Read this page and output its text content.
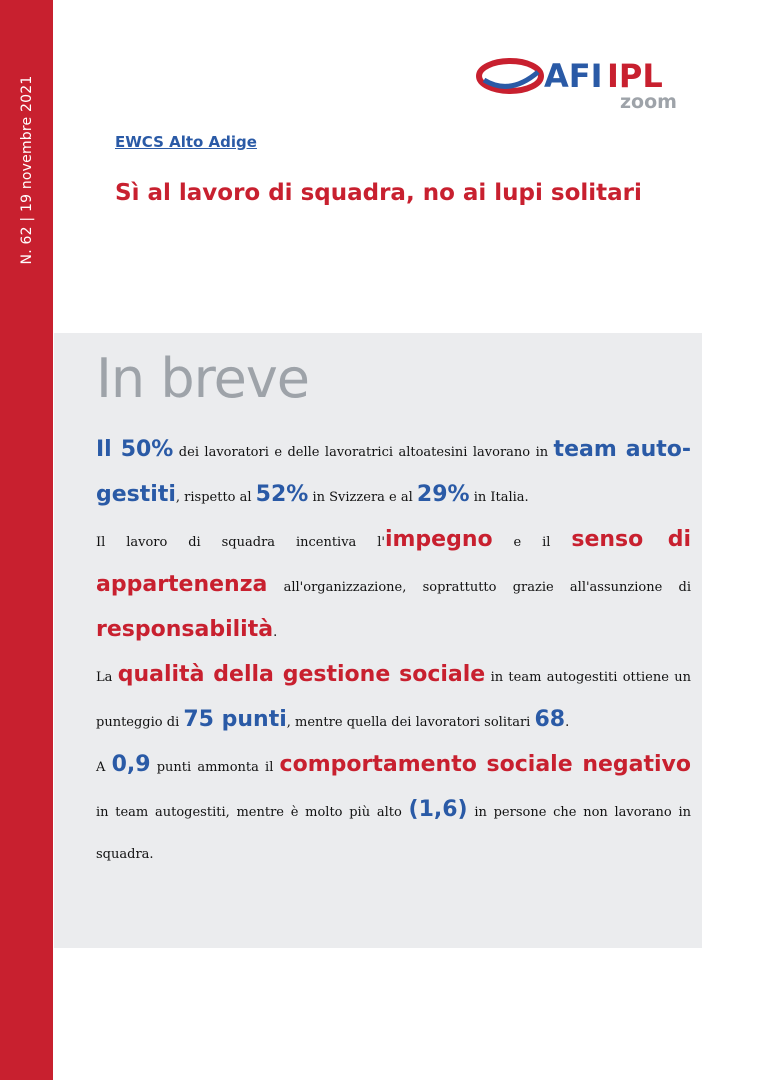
N. 62 | 19 novembre 2021	AFI IPL
zoom
EWCS Alto Adige
Sì al lavoro di squadra, no ai lupi solitari
In breve

Il 50% dei lavoratori e delle lavoratrici altoatesini lavorano in team auto-gestiti, rispetto al 52% in Svizzera e al 29% in Italia.

Il lavoro di squadra incentiva l'impegno e il senso di appartenenza all'organizzazione, soprattutto grazie all'assunzione di responsabilità.

La qualità della gestione sociale in team autogestiti ottiene un punteggio di 75 punti, mentre quella dei lavoratori solitari 68.

A 0,9 punti ammonta il comportamento sociale negativo in team autogestiti, mentre è molto più alto (1,6) in persone che non lavorano in squadra.
